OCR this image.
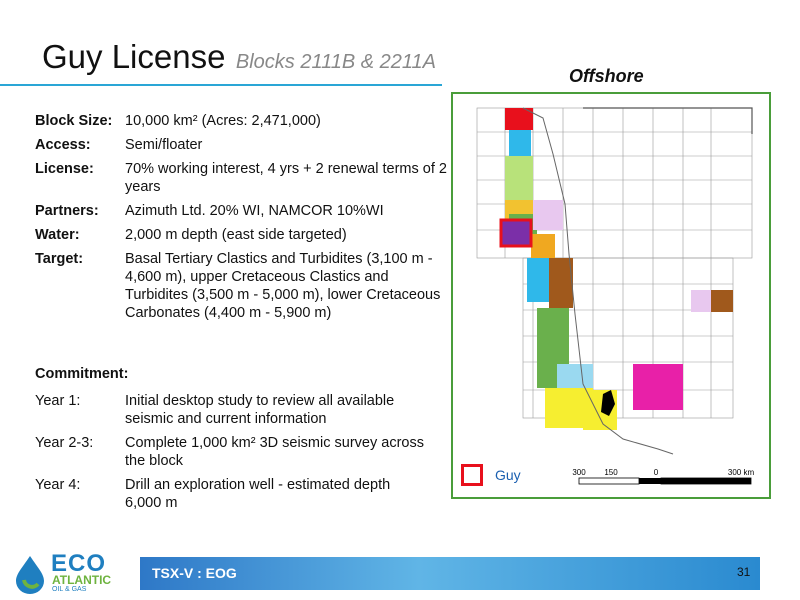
Guy License Blocks 2111B & 2211A
Block Size: 10,000 km² (Acres: 2,471,000)
Access:	Semi/floater
License:	70% working interest, 4 yrs + 2 renewal terms of 2 years
Partners:	Azimuth Ltd. 20% WI, NAMCOR 10%WI
Water:	2,000 m depth (east side targeted)
Target:	Basal Tertiary Clastics and Turbidites (3,100 m - 4,600 m), upper Cretaceous Clastics and Turbidites (3,500 m - 5,000 m), lower Cretaceous Carbonates (4,400 m - 5,900 m)
Commitment:
Year 1:	Initial desktop study to review all available seismic and current information
Year 2-3:	Complete 1,000 km² 3D seismic survey across the block
Year 4:	Drill an exploration well - estimated depth 6,000 m
Offshore
Guy	300 150	0	300 km
ECO
ATLANTIC
OIL & GAS
TSX-V : EOG	31
